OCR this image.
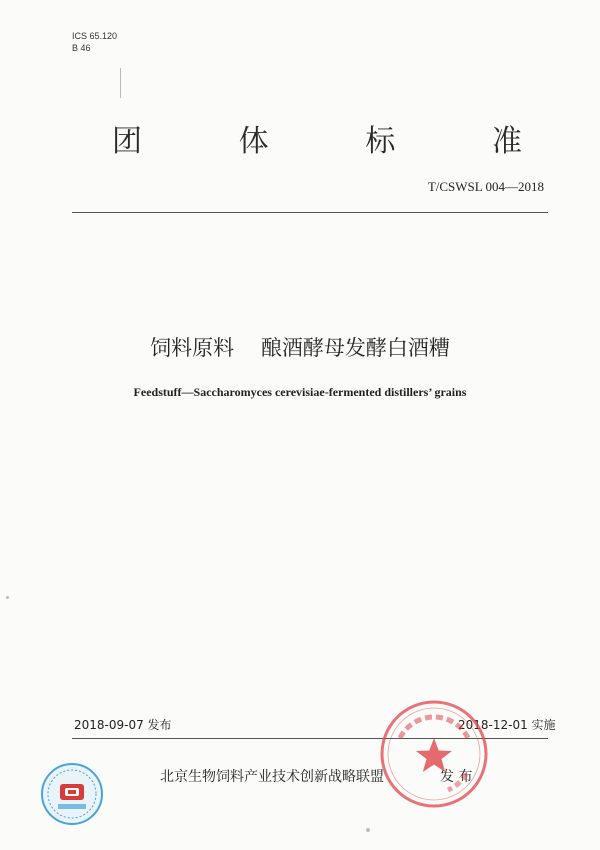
ICS 65.120
B 46
团	体	标	准
T/CSWSL 004—2018
饲料原料    酿酒酵母发酵白酒糟
Feedstuff—Saccharomyces cerevisiae-fermented distillers’ grains
2018-09-07 发布	2018-12-01 实施
北京生物饲料产业技术创新战略联盟	发 布
